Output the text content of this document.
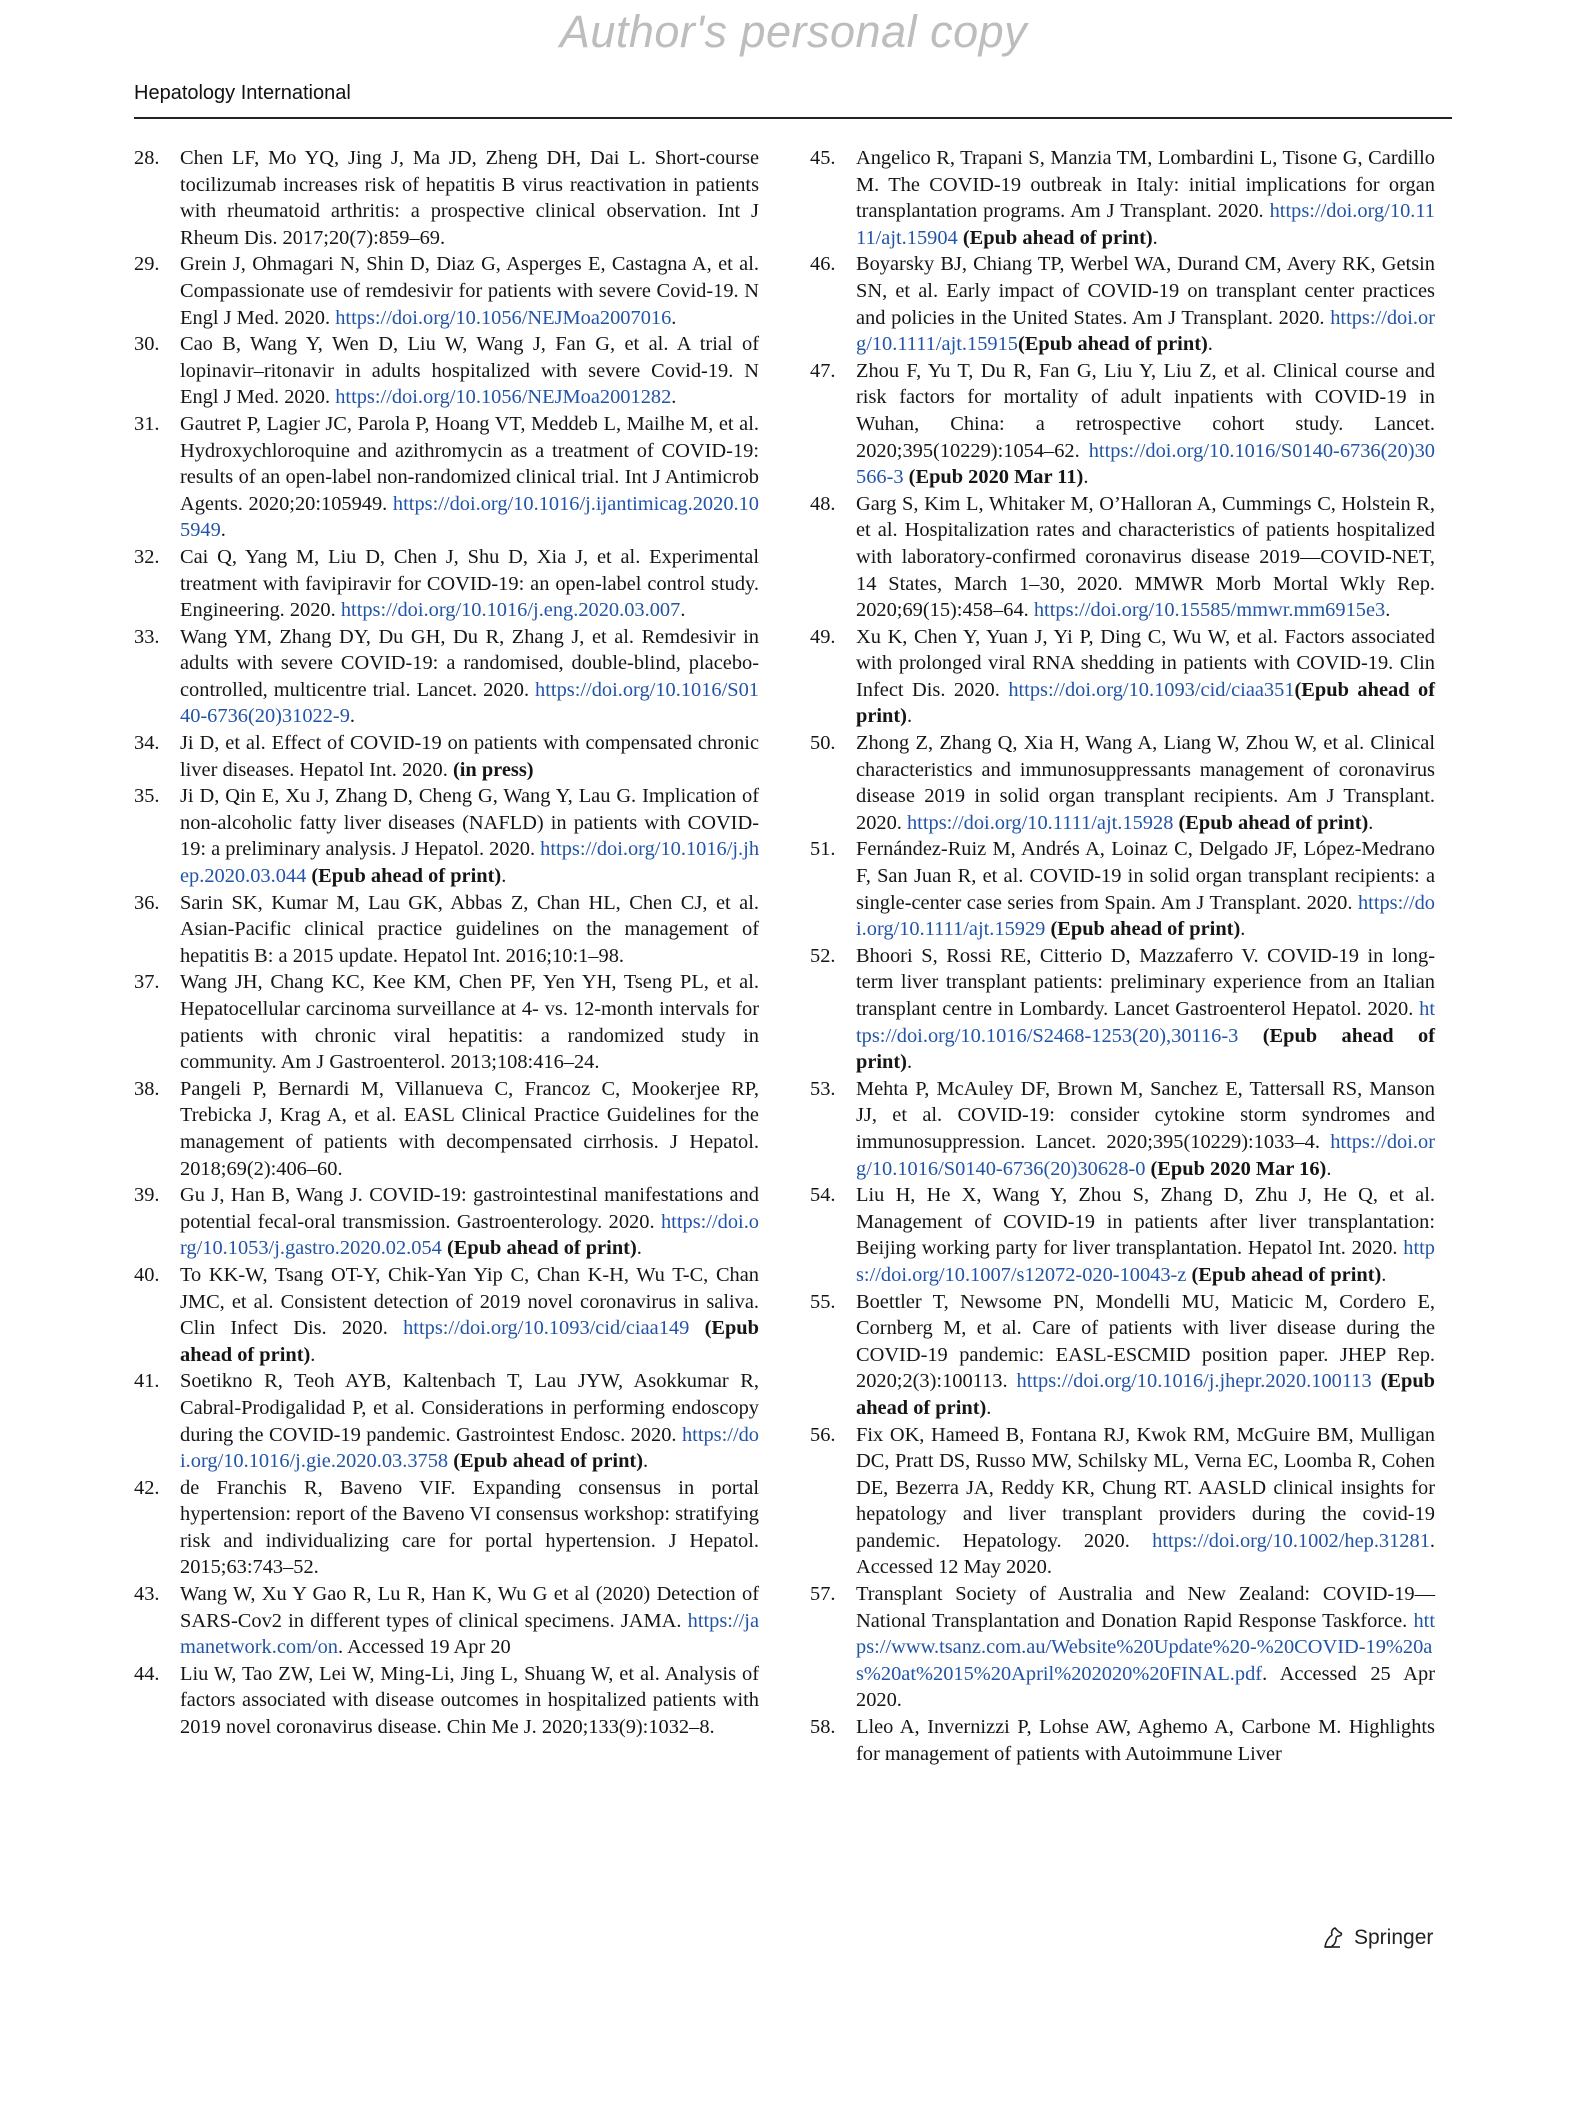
Author's personal copy
Hepatology International
28.	Chen LF, Mo YQ, Jing J, Ma JD, Zheng DH, Dai L. Short-course tocilizumab increases risk of hepatitis B virus reactivation in patients with rheumatoid arthritis: a prospective clinical observation. Int J Rheum Dis. 2017;20(7):859–69.
29.	Grein J, Ohmagari N, Shin D, Diaz G, Asperges E, Castagna A, et al. Compassionate use of remdesivir for patients with severe Covid-19. N Engl J Med. 2020. https://doi.org/10.1056/NEJMoa2007016.
30.	Cao B, Wang Y, Wen D, Liu W, Wang J, Fan G, et al. A trial of lopinavir–ritonavir in adults hospitalized with severe Covid-19. N Engl J Med. 2020. https://doi.org/10.1056/NEJMoa2001282.
31.	Gautret P, Lagier JC, Parola P, Hoang VT, Meddeb L, Mailhe M, et al. Hydroxychloroquine and azithromycin as a treatment of COVID-19: results of an open-label non-randomized clinical trial. Int J Antimicrob Agents. 2020;20:105949. https://doi.org/10.1016/j.ijantimicag.2020.105949.
32.	Cai Q, Yang M, Liu D, Chen J, Shu D, Xia J, et al. Experimental treatment with favipiravir for COVID-19: an open-label control study. Engineering. 2020. https://doi.org/10.1016/j.eng.2020.03.007.
33.	Wang YM, Zhang DY, Du GH, Du R, Zhang J, et al. Remdesivir in adults with severe COVID-19: a randomised, double-blind, placebo-controlled, multicentre trial. Lancet. 2020. https://doi.org/10.1016/S0140-6736(20)31022-9.
34.	Ji D, et al. Effect of COVID-19 on patients with compensated chronic liver diseases. Hepatol Int. 2020. (in press)
35.	Ji D, Qin E, Xu J, Zhang D, Cheng G, Wang Y, Lau G. Implication of non-alcoholic fatty liver diseases (NAFLD) in patients with COVID-19: a preliminary analysis. J Hepatol. 2020. https://doi.org/10.1016/j.jhep.2020.03.044 (Epub ahead of print).
36.	Sarin SK, Kumar M, Lau GK, Abbas Z, Chan HL, Chen CJ, et al. Asian-Pacific clinical practice guidelines on the management of hepatitis B: a 2015 update. Hepatol Int. 2016;10:1–98.
37.	Wang JH, Chang KC, Kee KM, Chen PF, Yen YH, Tseng PL, et al. Hepatocellular carcinoma surveillance at 4- vs. 12-month intervals for patients with chronic viral hepatitis: a randomized study in community. Am J Gastroenterol. 2013;108:416–24.
38.	Pangeli P, Bernardi M, Villanueva C, Francoz C, Mookerjee RP, Trebicka J, Krag A, et al. EASL Clinical Practice Guidelines for the management of patients with decompensated cirrhosis. J Hepatol. 2018;69(2):406–60.
39.	Gu J, Han B, Wang J. COVID-19: gastrointestinal manifestations and potential fecal-oral transmission. Gastroenterology. 2020. https://doi.org/10.1053/j.gastro.2020.02.054 (Epub ahead of print).
40.	To KK-W, Tsang OT-Y, Chik-Yan Yip C, Chan K-H, Wu T-C, Chan JMC, et al. Consistent detection of 2019 novel coronavirus in saliva. Clin Infect Dis. 2020. https://doi.org/10.1093/cid/ciaa149 (Epub ahead of print).
41.	Soetikno R, Teoh AYB, Kaltenbach T, Lau JYW, Asokkumar R, Cabral-Prodigalidad P, et al. Considerations in performing endoscopy during the COVID-19 pandemic. Gastrointest Endosc. 2020. https://doi.org/10.1016/j.gie.2020.03.3758 (Epub ahead of print).
42.	de Franchis R, Baveno VIF. Expanding consensus in portal hypertension: report of the Baveno VI consensus workshop: stratifying risk and individualizing care for portal hypertension. J Hepatol. 2015;63:743–52.
43.	Wang W, Xu Y Gao R, Lu R, Han K, Wu G et al (2020) Detection of SARS-Cov2 in different types of clinical specimens. JAMA. https://jamanetwork.com/on. Accessed 19 Apr 20
44.	Liu W, Tao ZW, Lei W, Ming-Li, Jing L, Shuang W, et al. Analysis of factors associated with disease outcomes in hospitalized patients with 2019 novel coronavirus disease. Chin Me J. 2020;133(9):1032–8.
45.	Angelico R, Trapani S, Manzia TM, Lombardini L, Tisone G, Cardillo M. The COVID-19 outbreak in Italy: initial implications for organ transplantation programs. Am J Transplant. 2020. https://doi.org/10.1111/ajt.15904 (Epub ahead of print).
46.	Boyarsky BJ, Chiang TP, Werbel WA, Durand CM, Avery RK, Getsin SN, et al. Early impact of COVID-19 on transplant center practices and policies in the United States. Am J Transplant. 2020. https://doi.org/10.1111/ajt.15915(Epub ahead of print).
47.	Zhou F, Yu T, Du R, Fan G, Liu Y, Liu Z, et al. Clinical course and risk factors for mortality of adult inpatients with COVID-19 in Wuhan, China: a retrospective cohort study. Lancet. 2020;395(10229):1054–62. https://doi.org/10.1016/S0140-6736(20)30566-3 (Epub 2020 Mar 11).
48.	Garg S, Kim L, Whitaker M, O’Halloran A, Cummings C, Holstein R, et al. Hospitalization rates and characteristics of patients hospitalized with laboratory-confirmed coronavirus disease 2019—COVID-NET, 14 States, March 1–30, 2020. MMWR Morb Mortal Wkly Rep. 2020;69(15):458–64. https://doi.org/10.15585/mmwr.mm6915e3.
49.	Xu K, Chen Y, Yuan J, Yi P, Ding C, Wu W, et al. Factors associated with prolonged viral RNA shedding in patients with COVID-19. Clin Infect Dis. 2020. https://doi.org/10.1093/cid/ciaa351(Epub ahead of print).
50.	Zhong Z, Zhang Q, Xia H, Wang A, Liang W, Zhou W, et al. Clinical characteristics and immunosuppressants management of coronavirus disease 2019 in solid organ transplant recipients. Am J Transplant. 2020. https://doi.org/10.1111/ajt.15928 (Epub ahead of print).
51.	Fernández-Ruiz M, Andrés A, Loinaz C, Delgado JF, López-Medrano F, San Juan R, et al. COVID-19 in solid organ transplant recipients: a single-center case series from Spain. Am J Transplant. 2020. https://doi.org/10.1111/ajt.15929 (Epub ahead of print).
52.	Bhoori S, Rossi RE, Citterio D, Mazzaferro V. COVID-19 in long-term liver transplant patients: preliminary experience from an Italian transplant centre in Lombardy. Lancet Gastroenterol Hepatol. 2020. https://doi.org/10.1016/S2468-1253(20),30116-3 (Epub ahead of print).
53.	Mehta P, McAuley DF, Brown M, Sanchez E, Tattersall RS, Manson JJ, et al. COVID-19: consider cytokine storm syndromes and immunosuppression. Lancet. 2020;395(10229):1033–4. https://doi.org/10.1016/S0140-6736(20)30628-0 (Epub 2020 Mar 16).
54.	Liu H, He X, Wang Y, Zhou S, Zhang D, Zhu J, He Q, et al. Management of COVID-19 in patients after liver transplantation: Beijing working party for liver transplantation. Hepatol Int. 2020. https://doi.org/10.1007/s12072-020-10043-z (Epub ahead of print).
55.	Boettler T, Newsome PN, Mondelli MU, Maticic M, Cordero E, Cornberg M, et al. Care of patients with liver disease during the COVID-19 pandemic: EASL-ESCMID position paper. JHEP Rep. 2020;2(3):100113. https://doi.org/10.1016/j.jhepr.2020.100113 (Epub ahead of print).
56.	Fix OK, Hameed B, Fontana RJ, Kwok RM, McGuire BM, Mulligan DC, Pratt DS, Russo MW, Schilsky ML, Verna EC, Loomba R, Cohen DE, Bezerra JA, Reddy KR, Chung RT. AASLD clinical insights for hepatology and liver transplant providers during the covid-19 pandemic. Hepatology. 2020. https://doi.org/10.1002/hep.31281. Accessed 12 May 2020.
57.	Transplant Society of Australia and New Zealand: COVID-19—National Transplantation and Donation Rapid Response Taskforce. https://www.tsanz.com.au/Website%20Update%20-%20COVID-19%20as%20at%2015%20April%202020%20FINAL.pdf. Accessed 25 Apr 2020.
58.	Lleo A, Invernizzi P, Lohse AW, Aghemo A, Carbone M. Highlights for management of patients with Autoimmune Liver
Springer
